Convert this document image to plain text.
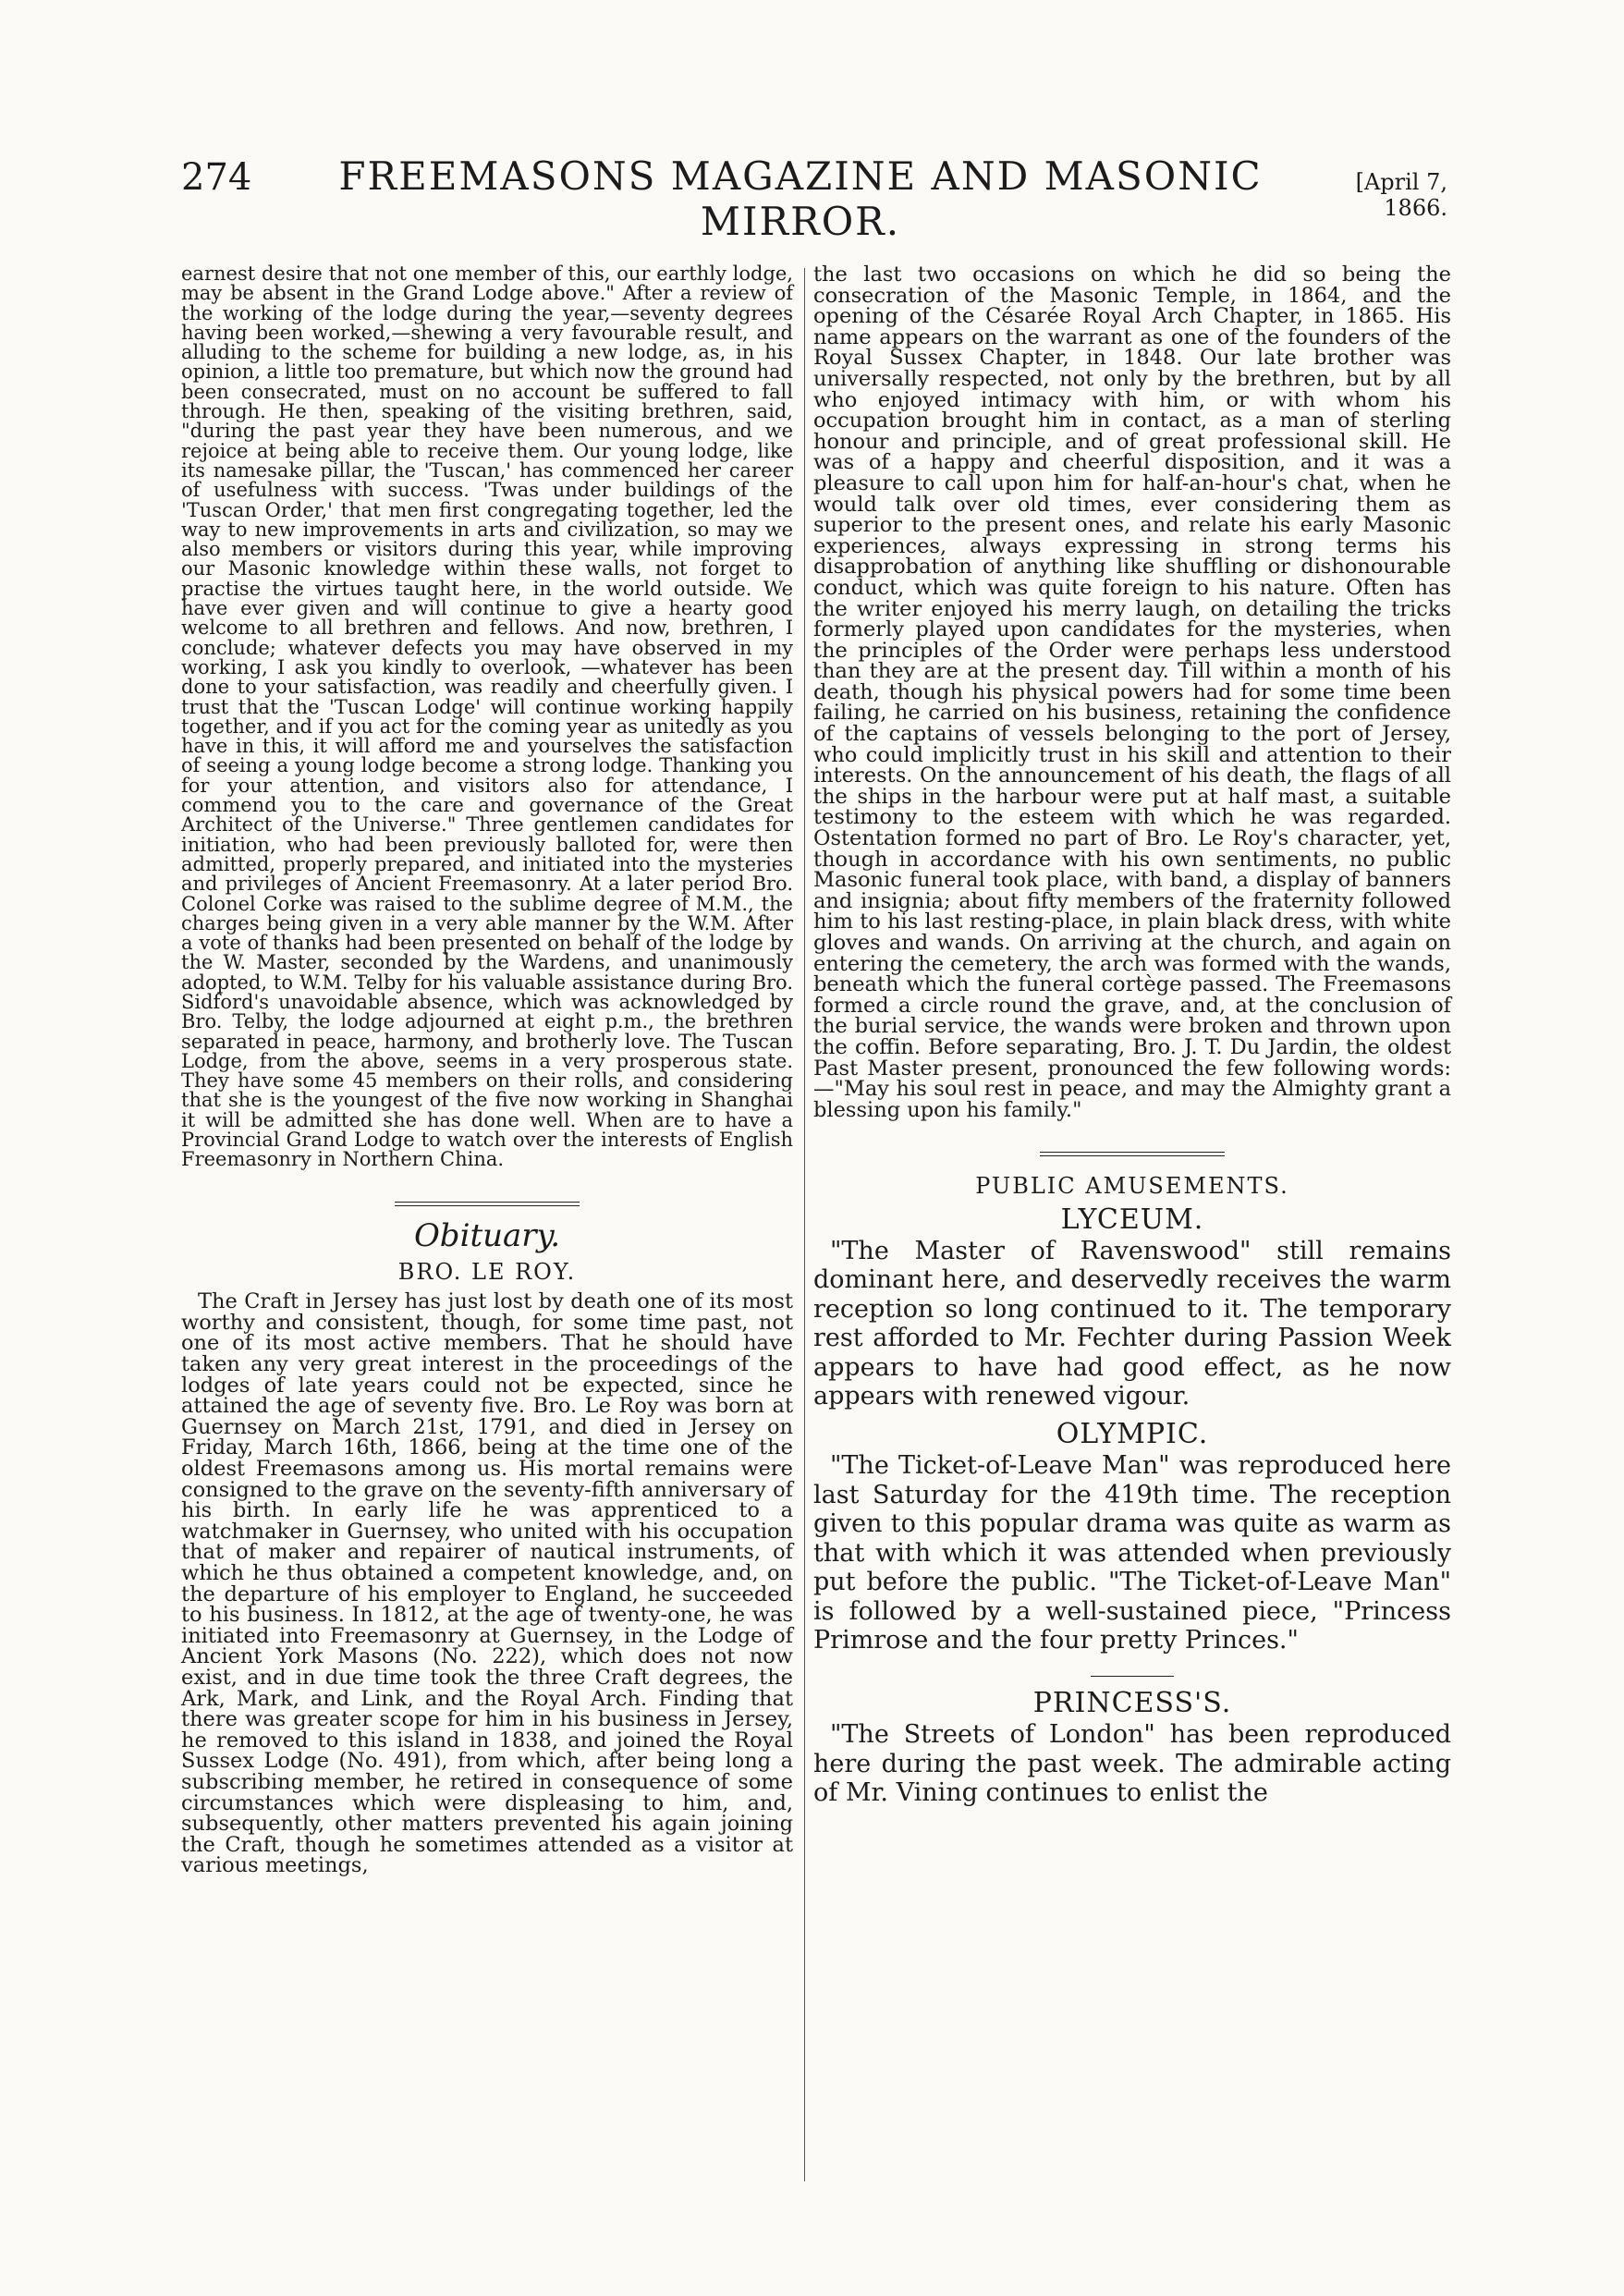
274	FREEMASONS MAGAZINE AND MASONIC MIRROR.
[April 7, 1866.

earnest desire that not one member of this, our earthly lodge, may be absent in the Grand Lodge above." After a review of the working of the lodge during the year,—seventy degrees having been worked,—shewing a very favourable result, and alluding to the scheme for building a new lodge, as, in his opinion, a little too premature, but which now the ground had been consecrated, must on no account be suffered to fall through. He then, speaking of the visiting brethren, said, "during the past year they have been numerous, and we rejoice at being able to receive them. Our young lodge, like its namesake pillar, the 'Tuscan,' has commenced her career of usefulness with success. 'Twas under buildings of the 'Tuscan Order,' that men first congregating together, led the way to new improvements in arts and civilization, so may we also members or visitors during this year, while improving our Masonic knowledge within these walls, not forget to practise the virtues taught here, in the world outside. We have ever given and will continue to give a hearty good welcome to all brethren and fellows. And now, brethren, I conclude; whatever defects you may have observed in my working, I ask you kindly to overlook, —whatever has been done to your satisfaction, was readily and cheerfully given. I trust that the 'Tuscan Lodge' will continue working happily together, and if you act for the coming year as unitedly as you have in this, it will afford me and yourselves the satisfaction of seeing a young lodge become a strong lodge. Thanking you for your attention, and visitors also for attendance, I commend you to the care and governance of the Great Architect of the Universe." Three gentlemen candidates for initiation, who had been previously balloted for, were then admitted, properly prepared, and initiated into the mysteries and privileges of Ancient Freemasonry. At a later period Bro. Colonel Corke was raised to the sublime degree of M.M., the charges being given in a very able manner by the W.M. After a vote of thanks had been presented on behalf of the lodge by the W. Master, seconded by the Wardens, and unanimously adopted, to W.M. Telby for his valuable assistance during Bro. Sidford's unavoidable absence, which was acknowledged by Bro. Telby, the lodge adjourned at eight p.m., the brethren separated in peace, harmony, and brotherly love. The Tuscan Lodge, from the above, seems in a very prosperous state. They have some 45 members on their rolls, and considering that she is the youngest of the five now working in Shanghai it will be admitted she has done well. When are to have a Provincial Grand Lodge to watch over the interests of English Freemasonry in Northern China.

Obituary.
BRO. LE ROY.

The Craft in Jersey has just lost by death one of its most worthy and consistent, though, for some time past, not one of its most active members. That he should have taken any very great interest in the proceedings of the lodges of late years could not be expected, since he attained the age of seventy five. Bro. Le Roy was born at Guernsey on March 21st, 1791, and died in Jersey on Friday, March 16th, 1866, being at the time one of the oldest Freemasons among us. His mortal remains were consigned to the grave on the seventy-fifth anniversary of his birth. In early life he was apprenticed to a watchmaker in Guernsey, who united with his occupation that of maker and repairer of nautical instruments, of which he thus obtained a competent knowledge, and, on the departure of his employer to England, he succeeded to his business. In 1812, at the age of twenty-one, he was initiated into Freemasonry at Guernsey, in the Lodge of Ancient York Masons (No. 222), which does not now exist, and in due time took the three Craft degrees, the Ark, Mark, and Link, and the Royal Arch. Finding that there was greater scope for him in his business in Jersey, he removed to this island in 1838, and joined the Royal Sussex Lodge (No. 491), from which, after being long a subscribing member, he retired in consequence of some circumstances which were displeasing to him, and, subsequently, other matters prevented his again joining the Craft, though he sometimes attended as a visitor at various meetings,

the last two occasions on which he did so being the consecration of the Masonic Temple, in 1864, and the opening of the Césarée Royal Arch Chapter, in 1865. His name appears on the warrant as one of the founders of the Royal Sussex Chapter, in 1848. Our late brother was universally respected, not only by the brethren, but by all who enjoyed intimacy with him, or with whom his occupation brought him in contact, as a man of sterling honour and principle, and of great professional skill. He was of a happy and cheerful disposition, and it was a pleasure to call upon him for half-an-hour's chat, when he would talk over old times, ever considering them as superior to the present ones, and relate his early Masonic experiences, always expressing in strong terms his disapprobation of anything like shuffling or dishonourable conduct, which was quite foreign to his nature. Often has the writer enjoyed his merry laugh, on detailing the tricks formerly played upon candidates for the mysteries, when the principles of the Order were perhaps less understood than they are at the present day. Till within a month of his death, though his physical powers had for some time been failing, he carried on his business, retaining the confidence of the captains of vessels belonging to the port of Jersey, who could implicitly trust in his skill and attention to their interests. On the announcement of his death, the flags of all the ships in the harbour were put at half mast, a suitable testimony to the esteem with which he was regarded. Ostentation formed no part of Bro. Le Roy's character, yet, though in accordance with his own sentiments, no public Masonic funeral took place, with band, a display of banners and insignia; about fifty members of the fraternity followed him to his last resting-place, in plain black dress, with white gloves and wands. On arriving at the church, and again on entering the cemetery, the arch was formed with the wands, beneath which the funeral cortège passed. The Freemasons formed a circle round the grave, and, at the conclusion of the burial service, the wands were broken and thrown upon the coffin. Before separating, Bro. J. T. Du Jardin, the oldest Past Master present, pronounced the few following words:—"May his soul rest in peace, and may the Almighty grant a blessing upon his family."

PUBLIC AMUSEMENTS.
LYCEUM.

"The Master of Ravenswood" still remains dominant here, and deservedly receives the warm reception so long continued to it. The temporary rest afforded to Mr. Fechter during Passion Week appears to have had good effect, as he now appears with renewed vigour.

OLYMPIC.

"The Ticket-of-Leave Man" was reproduced here last Saturday for the 419th time. The reception given to this popular drama was quite as warm as that with which it was attended when previously put before the public. "The Ticket-of-Leave Man" is followed by a well-sustained piece, "Princess Primrose and the four pretty Princes."

PRINCESS'S.

"The Streets of London" has been reproduced here during the past week. The admirable acting of Mr. Vining continues to enlist the
